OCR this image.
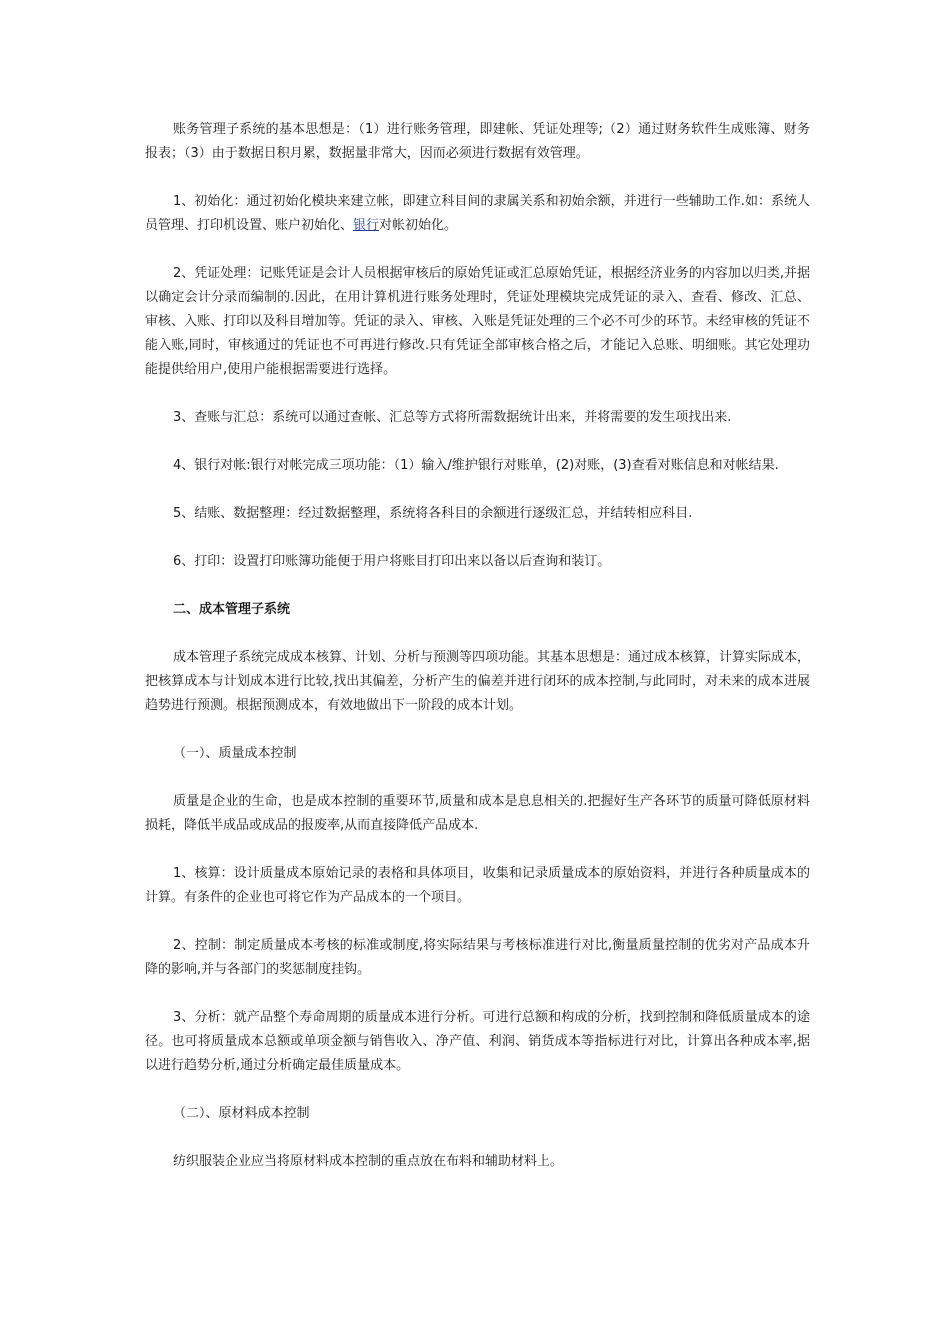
账务管理子系统的基本思想是：（1）进行账务管理，即建帐、凭证处理等;（2）通过财务软件生成账簿、财务报表；（3）由于数据日积月累，数据量非常大，因而必须进行数据有效管理。

1、初始化：通过初始化模块来建立帐，即建立科目间的隶属关系和初始余额，并进行一些辅助工作.如：系统人员管理、打印机设置、账户初始化、银行对帐初始化。

2、凭证处理：记账凭证是会计人员根据审核后的原始凭证或汇总原始凭证，根据经济业务的内容加以归类,并据以确定会计分录而编制的.因此，在用计算机进行账务处理时，凭证处理模块完成凭证的录入、查看、修改、汇总、审核、入账、打印以及科目增加等。凭证的录入、审核、入账是凭证处理的三个必不可少的环节。未经审核的凭证不能入账,同时，审核通过的凭证也不可再进行修改.只有凭证全部审核合格之后，才能记入总账、明细账。其它处理功能提供给用户,使用户能根据需要进行选择。

3、查账与汇总：系统可以通过查帐、汇总等方式将所需数据统计出来，并将需要的发生项找出来.

4、银行对帐:银行对帐完成三项功能：（1）输入/维护银行对账单，(2)对账，(3)查看对账信息和对帐结果.

5、结账、数据整理：经过数据整理，系统将各科目的余额进行逐级汇总，并结转相应科目.

6、打印：设置打印账簿功能便于用户将账目打印出来以备以后查询和装订。

二、成本管理子系统

成本管理子系统完成成本核算、计划、分析与预测等四项功能。其基本思想是：通过成本核算，计算实际成本，把核算成本与计划成本进行比较,找出其偏差，分析产生的偏差并进行闭环的成本控制,与此同时，对未来的成本进展趋势进行预测。根据预测成本，有效地做出下一阶段的成本计划。

（一）、质量成本控制

质量是企业的生命，也是成本控制的重要环节,质量和成本是息息相关的.把握好生产各环节的质量可降低原材料损耗，降低半成品或成品的报废率,从而直接降低产品成本.

1、核算：设计质量成本原始记录的表格和具体项目，收集和记录质量成本的原始资料，并进行各种质量成本的计算。有条件的企业也可将它作为产品成本的一个项目。

2、控制：制定质量成本考核的标准或制度,将实际结果与考核标准进行对比,衡量质量控制的优劣对产品成本升降的影响,并与各部门的奖惩制度挂钩。

3、分析：就产品整个寿命周期的质量成本进行分析。可进行总额和构成的分析，找到控制和降低质量成本的途径。也可将质量成本总额或单项金额与销售收入、净产值、利润、销货成本等指标进行对比，计算出各种成本率,据以进行趋势分析,通过分析确定最佳质量成本。

（二）、原材料成本控制

纺织服装企业应当将原材料成本控制的重点放在布料和辅助材料上。
